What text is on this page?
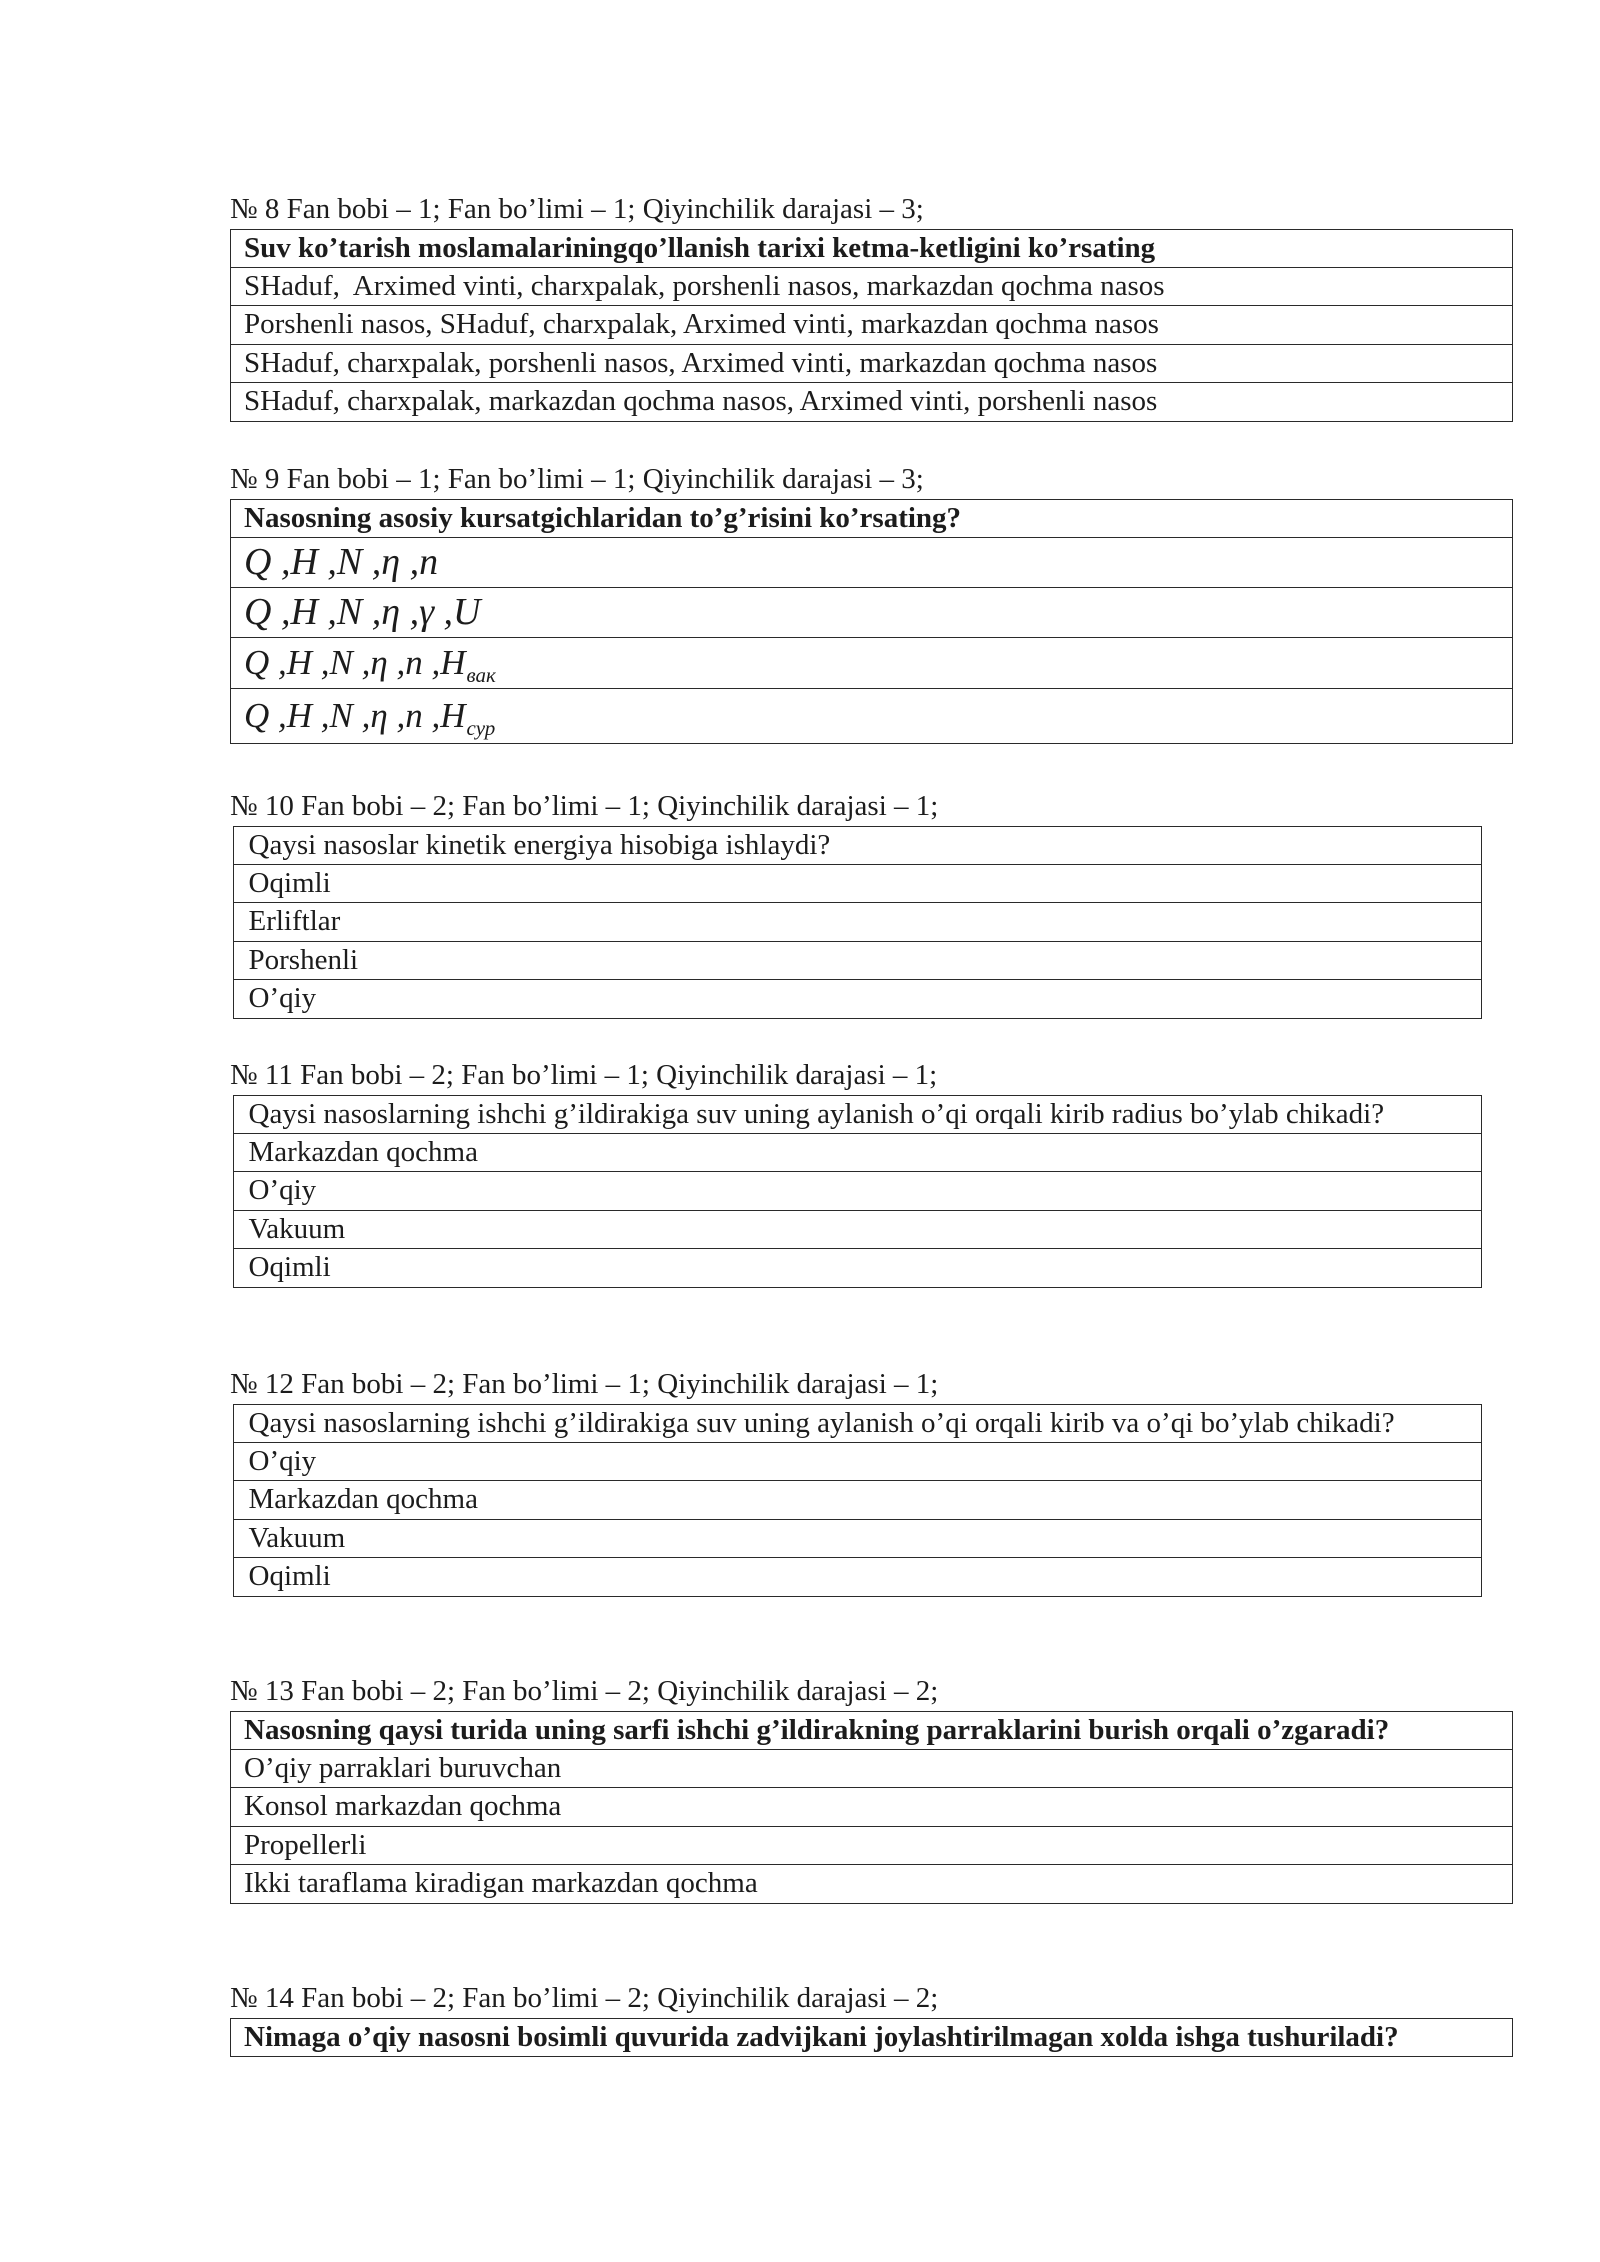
№ 8 Fan bobi – 1; Fan bo’limi – 1; Qiyinchilik darajasi – 3;
Suv ko’tarish moslamalariningqo’llanish tarixi ketma-ketligini ko’rsating
SHaduf,  Arximed vinti, charxpalak, porshenli nasos, markazdan qochma nasos
Porshenli nasos, SHaduf, charxpalak, Arximed vinti, markazdan qochma nasos
SHaduf, charxpalak, porshenli nasos, Arximed vinti, markazdan qochma nasos
SHaduf, charxpalak, markazdan qochma nasos, Arximed vinti, porshenli nasos
№ 9 Fan bobi – 1; Fan bo’limi – 1; Qiyinchilik darajasi – 3;
Nasosning asosiy kursatgichlaridan to’g’risini ko’rsating?
Q ,H ,N ,η ,n
Q ,H ,N ,η ,γ ,U
Q ,H ,N ,η ,n ,H вак
Q ,H ,N ,η ,n ,H сур
№ 10 Fan bobi – 2; Fan bo’limi – 1; Qiyinchilik darajasi – 1;
Qaysi nasoslar kinetik energiya hisobiga ishlaydi?
Oqimli
Erliftlar
Porshenli
O’qiy
№ 11 Fan bobi – 2; Fan bo’limi – 1; Qiyinchilik darajasi – 1;
Qaysi nasoslarning ishchi g’ildirakiga suv uning aylanish o’qi orqali kirib radius bo’ylab chikadi?
Markazdan qochma
O’qiy
Vakuum
Oqimli
№ 12 Fan bobi – 2; Fan bo’limi – 1; Qiyinchilik darajasi – 1;
Qaysi nasoslarning ishchi g’ildirakiga suv uning aylanish o’qi orqali kirib va o’qi bo’ylab chikadi?
O’qiy
Markazdan qochma
Vakuum
Oqimli
№ 13 Fan bobi – 2; Fan bo’limi – 2; Qiyinchilik darajasi – 2;
Nasosning qaysi turida uning sarfi ishchi g’ildirakning parraklarini burish orqali o’zgaradi?
O’qiy parraklari buruvchan
Konsol markazdan qochma
Propellerli
Ikki taraflama kiradigan markazdan qochma
№ 14 Fan bobi – 2; Fan bo’limi – 2; Qiyinchilik darajasi – 2;
Nimaga o’qiy nasosni bosimli quvurida zadvijkani joylashtirilmagan xolda ishga tushuriladi?
